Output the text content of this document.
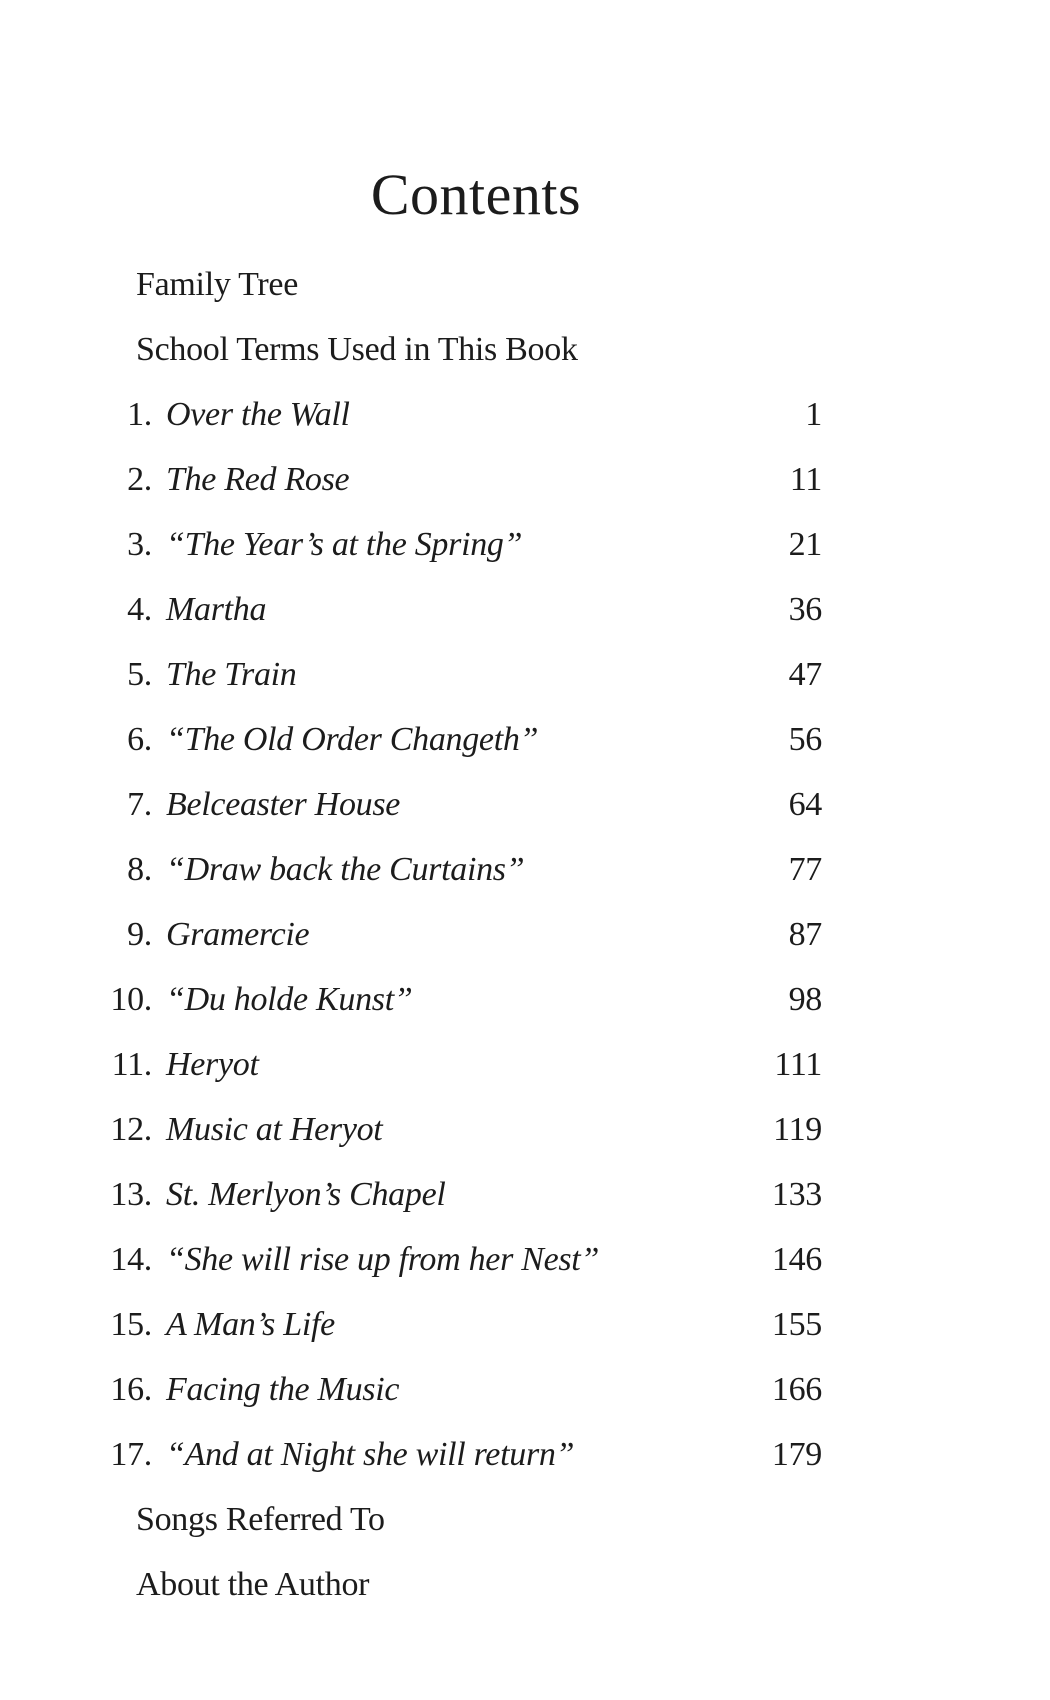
Contents
Family Tree
School Terms Used in This Book
1. Over the Wall	1
2. The Red Rose	11
3. “The Year’s at the Spring”	21
4. Martha	36
5. The Train	47
6. “The Old Order Changeth”	56
7. Belceaster House	64
8. “Draw back the Curtains”	77
9. Gramercie	87
10. “Du holde Kunst”	98
11. Heryot	111
12. Music at Heryot	119
13. St. Merlyon’s Chapel	133
14. “She will rise up from her Nest”	146
15. A Man’s Life	155
16. Facing the Music	166
17. “And at Night she will return”	179
Songs Referred To
About the Author
